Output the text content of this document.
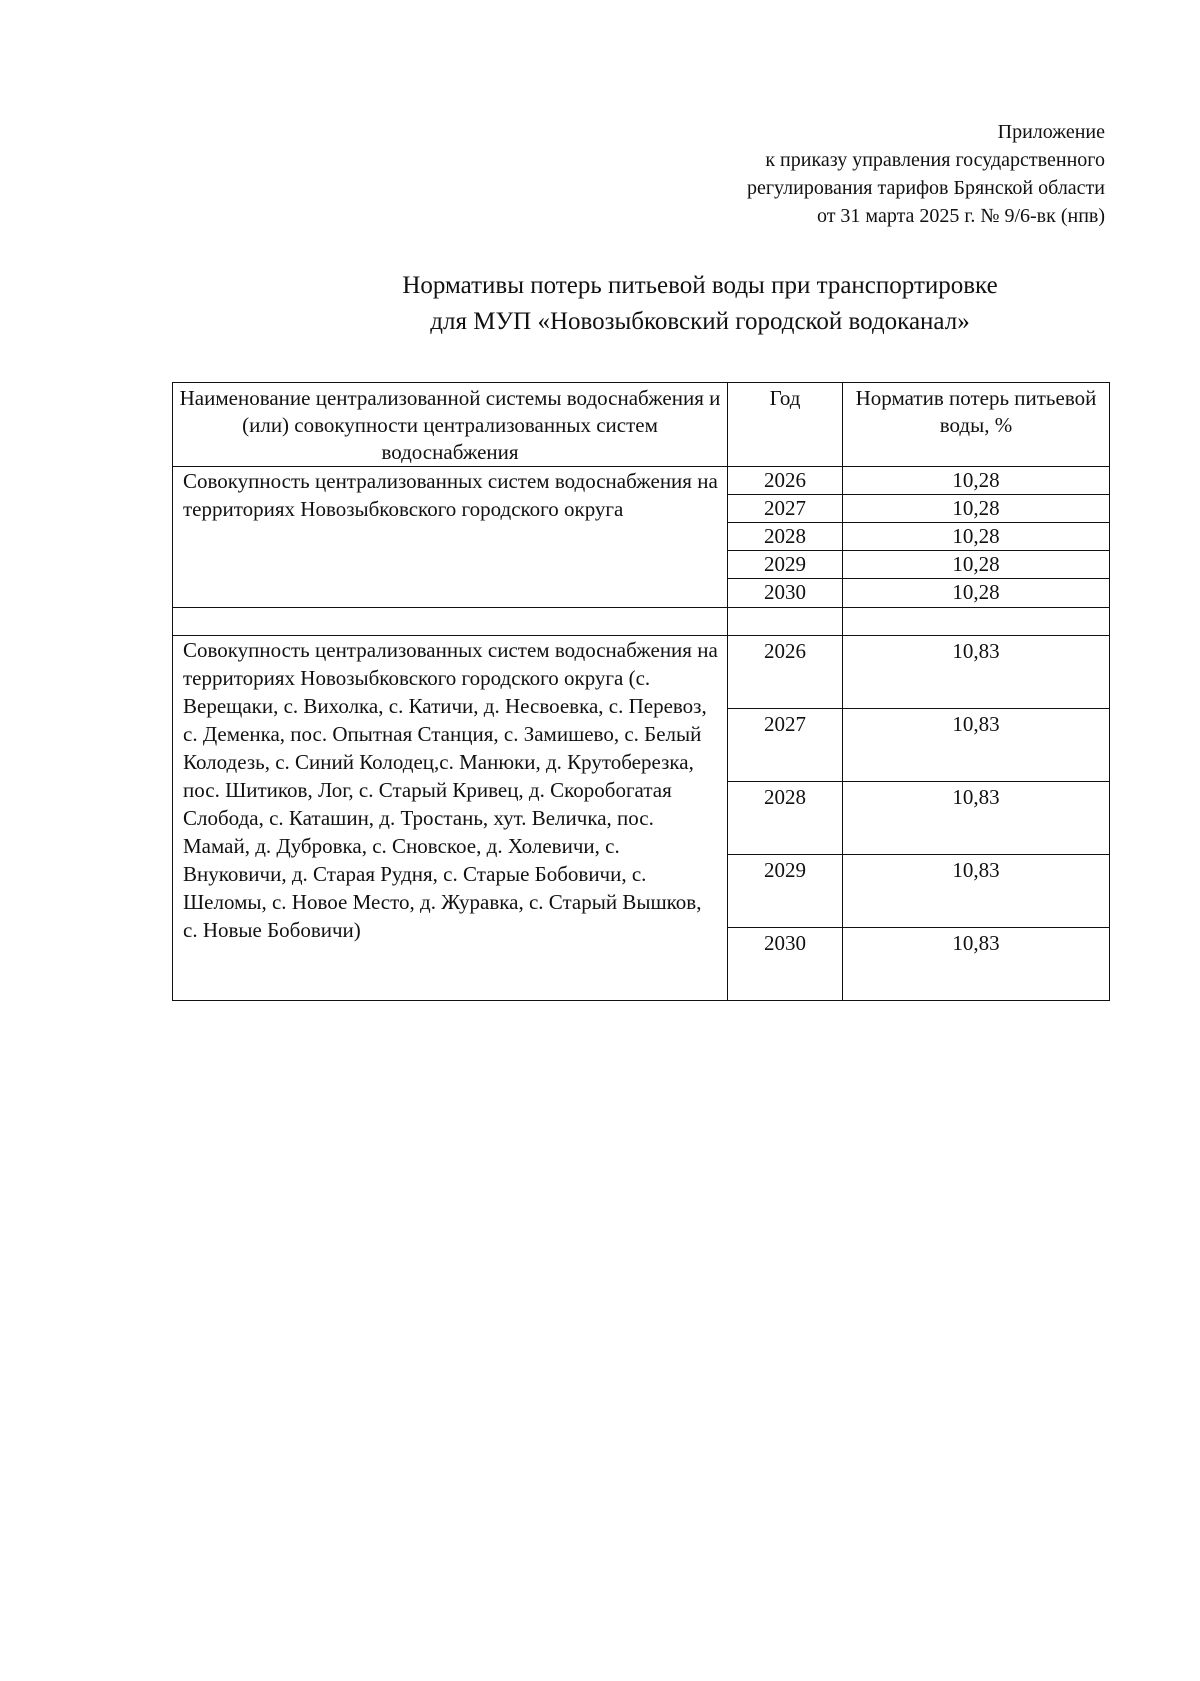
Приложение
к приказу управления государственного
регулирования тарифов Брянской области
от 31 марта 2025 г. № 9/6-вк (нпв)
Нормативы потерь питьевой воды при транспортировке
для МУП «Новозыбковский городской водоканал»
Наименование централизованной системы водоснабжения и (или) совокупности централизованных систем водоснабжения	Год	Норматив потерь питьевой воды, %
Совокупность централизованных систем водоснабжения на территориях Новозыбковского городского округа	2026	10,28
	2027	10,28
	2028	10,28
	2029	10,28
	2030	10,28

Совокупность централизованных систем водоснабжения на территориях Новозыбковского городского округа (с. Верещаки, с. Вихолка, с. Катичи, д. Несвоевка, с. Перевоз, с. Деменка, пос. Опытная Станция, с. Замишево, с. Белый Колодезь, с. Синий Колодец,с. Манюки, д. Крутоберезка, пос. Шитиков, Лог, с. Старый Кривец, д. Скоробогатая Слобода, с. Каташин, д. Тростань, хут. Величка, пос. Мамай, д. Дубровка, с. Сновское, д. Холевичи, с. Внуковичи, д. Старая Рудня, с. Старые Бобовичи, с. Шеломы, с. Новое Место, д. Журавка, с. Старый Вышков, с. Новые Бобовичи)	2026	10,83
	2027	10,83
	2028	10,83
	2029	10,83
	2030	10,83
